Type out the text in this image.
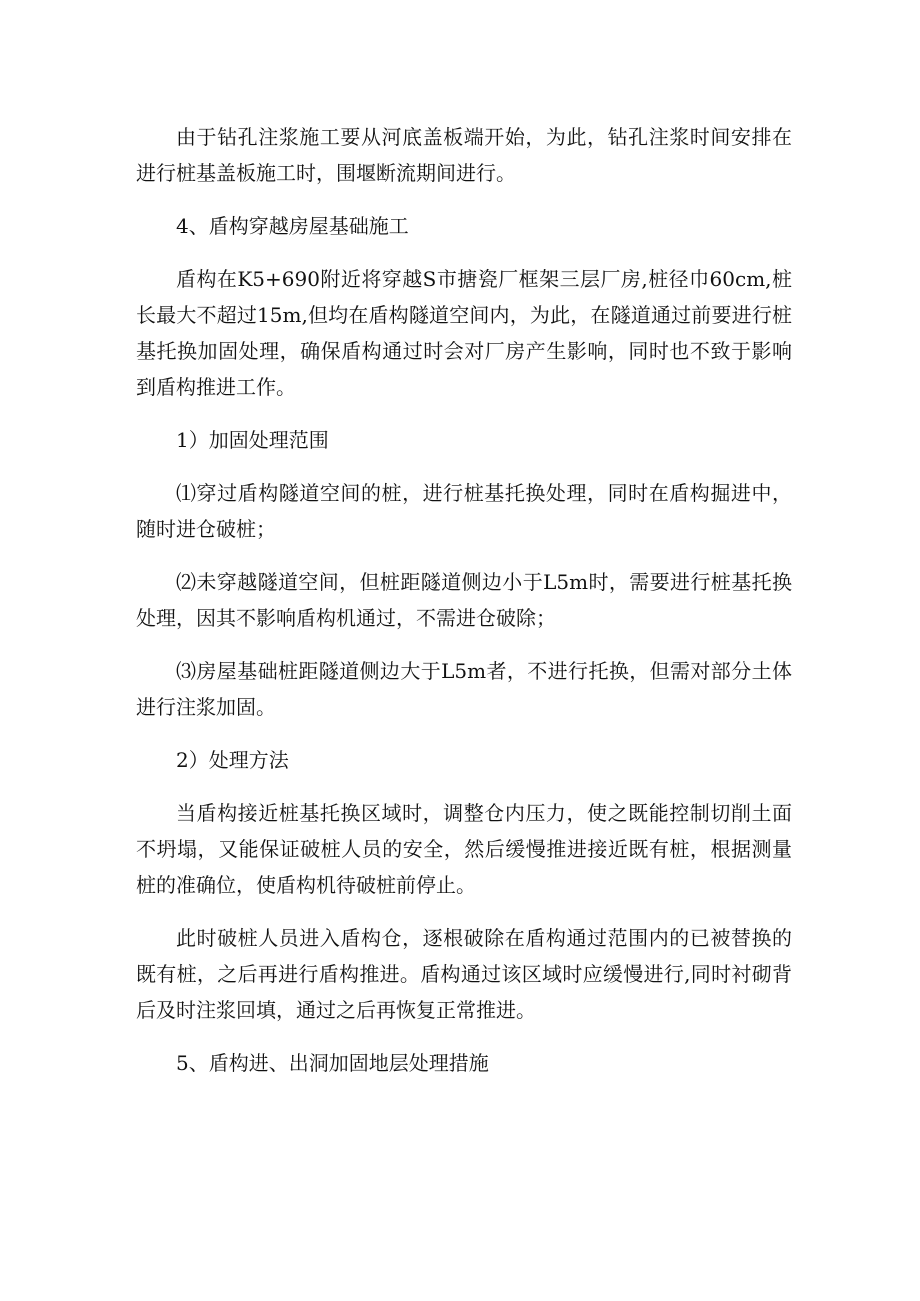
由于钻孔注浆施工要从河底盖板端开始，为此，钻孔注浆时间安排在进行桩基盖板施工时，围堰断流期间进行。

4、盾构穿越房屋基础施工

盾构在K5+690附近将穿越S市搪瓷厂框架三层厂房,桩径巾60cm,桩长最大不超过15m,但均在盾构隧道空间内，为此，在隧道通过前要进行桩基托换加固处理，确保盾构通过时会对厂房产生影响，同时也不致于影响到盾构推进工作。

1）加固处理范围

⑴穿过盾构隧道空间的桩，进行桩基托换处理，同时在盾构掘进中，随时进仓破桩；

⑵未穿越隧道空间，但桩距隧道侧边小于L5m时，需要进行桩基托换处理，因其不影响盾构机通过，不需进仓破除；

⑶房屋基础桩距隧道侧边大于L5m者，不进行托换，但需对部分土体进行注浆加固。

2）处理方法

当盾构接近桩基托换区域时，调整仓内压力，使之既能控制切削土面不坍塌，又能保证破桩人员的安全，然后缓慢推进接近既有桩，根据测量桩的准确位，使盾构机待破桩前停止。

此时破桩人员进入盾构仓，逐根破除在盾构通过范围内的已被替换的既有桩，之后再进行盾构推进。盾构通过该区域时应缓慢进行,同时衬砌背后及时注浆回填，通过之后再恢复正常推进。

5、盾构进、出洞加固地层处理措施
